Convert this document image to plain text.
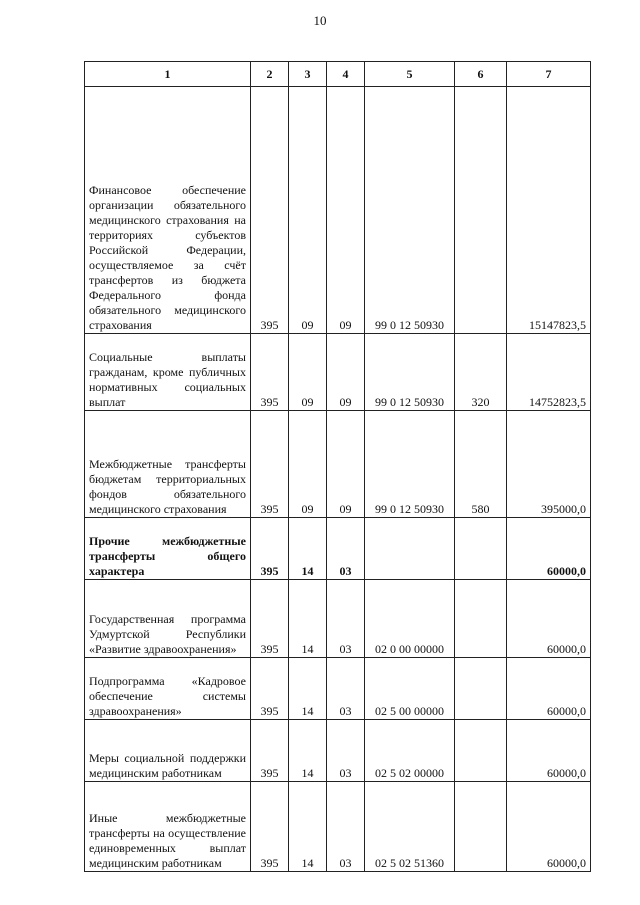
10
1	2	3	4	5	6	7
Финансовое обеспечение организации обязательного медицинского страхования на территориях субъектов Российской Федерации, осуществляемое за счёт трансфертов из бюджета Федерального фонда обязательного медицинского страхования	395	09	09	99 0 12 50930		15147823,5
Социальные выплаты гражданам, кроме публичных нормативных социальных выплат	395	09	09	99 0 12 50930	320	14752823,5
Межбюджетные трансферты бюджетам территориальных фондов обязательного медицинского страхования	395	09	09	99 0 12 50930	580	395000,0
Прочие межбюджетные трансферты общего характера	395	14	03			60000,0
Государственная программа Удмуртской Республики «Развитие здравоохранения»	395	14	03	02 0 00 00000		60000,0
Подпрограмма «Кадровое обеспечение системы здравоохранения»	395	14	03	02 5 00 00000		60000,0
Меры социальной поддержки медицинским работникам	395	14	03	02 5 02 00000		60000,0
Иные межбюджетные трансферты на осуществление единовременных выплат медицинским работникам	395	14	03	02 5 02 51360		60000,0
